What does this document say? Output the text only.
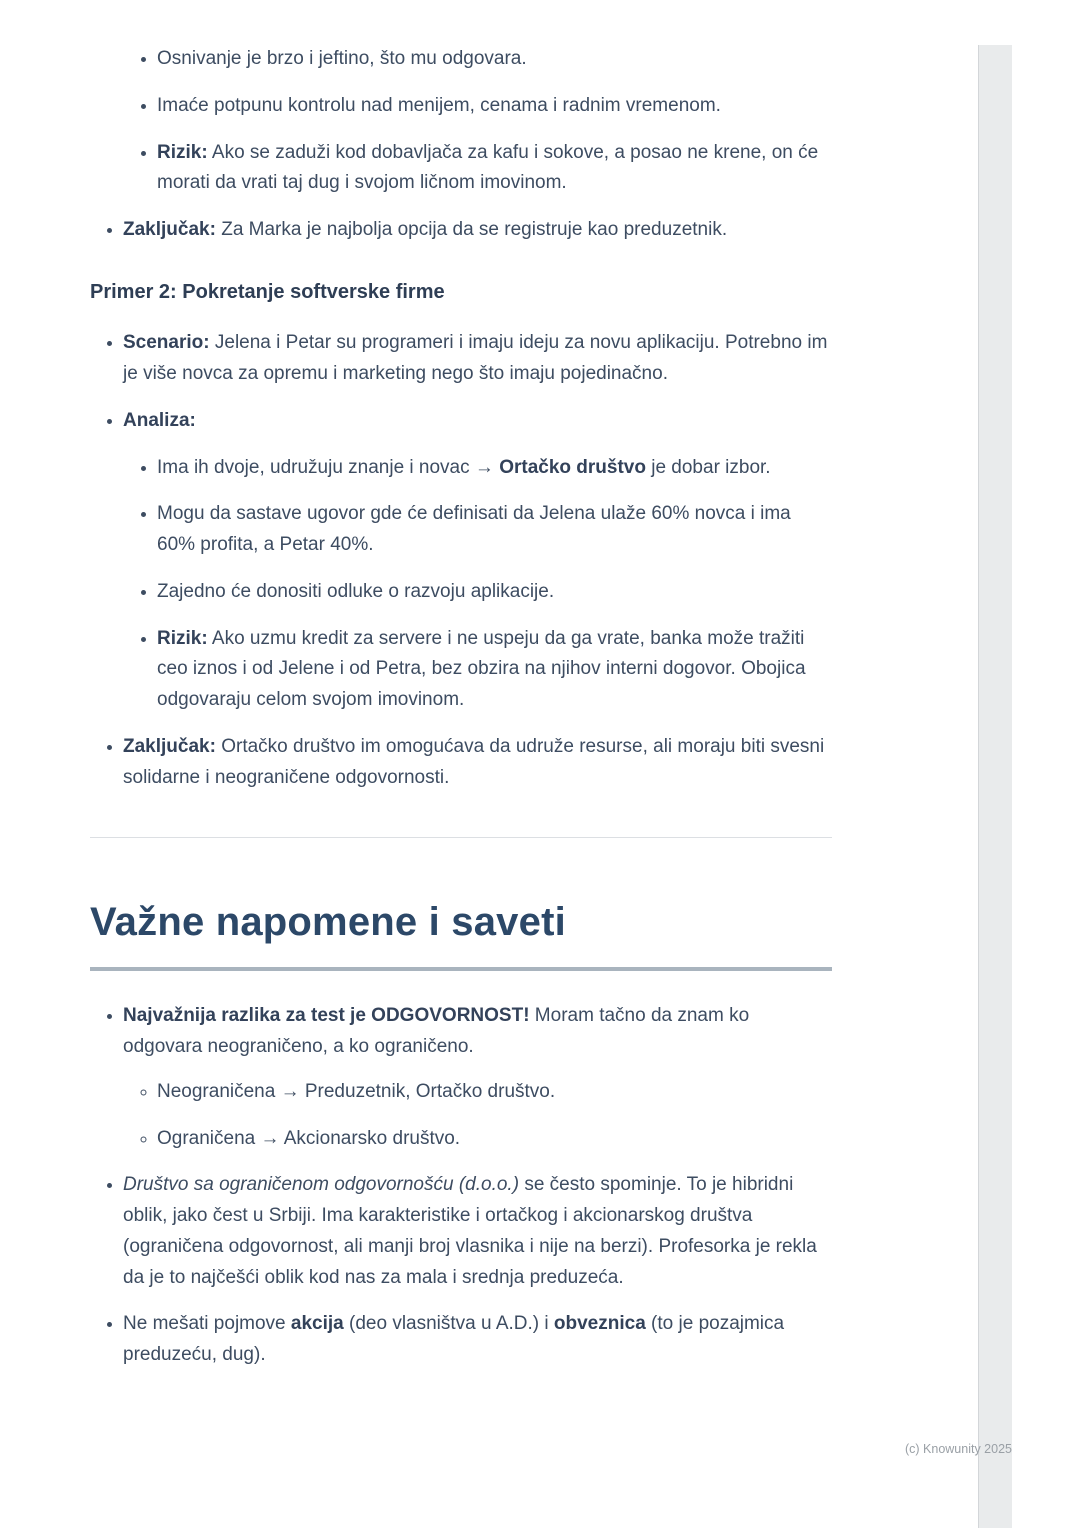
• Osnivanje je brzo i jeftino, što mu odgovara.
• Imaće potpunu kontrolu nad menijem, cenama i radnim vremenom.
• Rizik: Ako se zaduži kod dobavljača za kafu i sokove, a posao ne krene, on će morati da vrati taj dug i svojom ličnom imovinom.
• Zaključak: Za Marka je najbolja opcija da se registruje kao preduzetnik.
Primer 2: Pokretanje softverske firme
• Scenario: Jelena i Petar su programeri i imaju ideju za novu aplikaciju. Potrebno im je više novca za opremu i marketing nego što imaju pojedinačno.
• Analiza:
• Ima ih dvoje, udružuju znanje i novac → Ortačko društvo je dobar izbor.
• Mogu da sastave ugovor gde će definisati da Jelena ulaže 60% novca i ima 60% profita, a Petar 40%.
• Zajedno će donositi odluke o razvoju aplikacije.
• Rizik: Ako uzmu kredit za servere i ne uspeju da ga vrate, banka može tražiti ceo iznos i od Jelene i od Petra, bez obzira na njihov interni dogovor. Obojica odgovaraju celom svojom imovinom.
• Zaključak: Ortačko društvo im omogućava da udruže resurse, ali moraju biti svesni solidarne i neograničene odgovornosti.
Važne napomene i saveti
• Najvažnija razlika za test je ODGOVORNOST! Moram tačno da znam ko odgovara neograničeno, a ko ograničeno.
◦ Neograničena → Preduzetnik, Ortačko društvo.
◦ Ograničena → Akcionarsko društvo.
• Društvo sa ograničenom odgovornošću (d.o.o.) se često spominje. To je hibridni oblik, jako čest u Srbiji. Ima karakteristike i ortačkog i akcionarskog društva (ograničena odgovornost, ali manji broj vlasnika i nije na berzi). Profesorka je rekla da je to najčešći oblik kod nas za mala i srednja preduzeća.
• Ne mešati pojmove akcija (deo vlasništva u A.D.) i obveznica (to je pozajmica preduzeću, dug).
(c) Knowunity 2025
